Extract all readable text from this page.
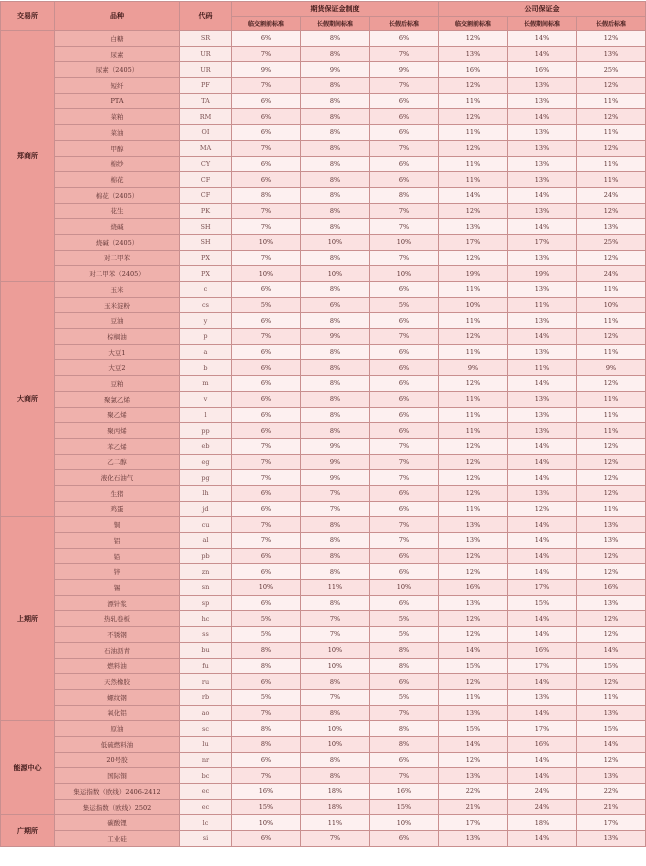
交易所	品种	代码	期货保证金制度			公司保证金		
			临交割前标准	长假期间标准	长假后标准	临交割前标准	长假期间标准	长假后标准
郑商所	白糖	SR	6%	8%	6%	12%	14%	12%
	尿素	UR	7%	8%	7%	13%	14%	13%
	尿素（2405）	UR	9%	9%	9%	16%	16%	25%
	短纤	PF	7%	8%	7%	12%	13%	12%
	PTA	TA	6%	8%	6%	11%	13%	11%
	菜粕	RM	6%	8%	6%	12%	14%	12%
	菜油	OI	6%	8%	6%	11%	13%	11%
	甲醇	MA	7%	8%	7%	12%	13%	12%
	棉纱	CY	6%	8%	6%	11%	13%	11%
	棉花	CF	6%	8%	6%	11%	13%	11%
	棉花（2405）	CF	8%	8%	8%	14%	14%	24%
	花生	PK	7%	8%	7%	12%	13%	12%
	烧碱	SH	7%	8%	7%	13%	14%	13%
	烧碱（2405）	SH	10%	10%	10%	17%	17%	25%
	对二甲苯	PX	7%	8%	7%	12%	13%	12%
	对二甲苯（2405）	PX	10%	10%	10%	19%	19%	24%
大商所	玉米	c	6%	8%	6%	11%	13%	11%
	玉米淀粉	cs	5%	6%	5%	10%	11%	10%
	豆油	y	6%	8%	6%	11%	13%	11%
	棕榈油	p	7%	9%	7%	12%	14%	12%
	大豆1	a	6%	8%	6%	11%	13%	11%
	大豆2	b	6%	8%	6%	9%	11%	9%
	豆粕	m	6%	8%	6%	12%	14%	12%
	聚氯乙烯	v	6%	8%	6%	11%	13%	11%
	聚乙烯	l	6%	8%	6%	11%	13%	11%
	聚丙烯	pp	6%	8%	6%	11%	13%	11%
	苯乙烯	eb	7%	9%	7%	12%	14%	12%
	乙二醇	eg	7%	9%	7%	12%	14%	12%
	液化石油气	pg	7%	9%	7%	12%	14%	12%
	生猪	lh	6%	7%	6%	12%	13%	12%
	鸡蛋	jd	6%	7%	6%	11%	12%	11%
上期所	铜	cu	7%	8%	7%	13%	14%	13%
	铝	al	7%	8%	7%	13%	14%	13%
	铅	pb	6%	8%	6%	12%	14%	12%
	锌	zn	6%	8%	6%	12%	14%	12%
	锡	sn	10%	11%	10%	16%	17%	16%
	漂针浆	sp	6%	8%	6%	13%	15%	13%
	热轧卷板	hc	5%	7%	5%	12%	14%	12%
	不锈钢	ss	5%	7%	5%	12%	14%	12%
	石油沥青	bu	8%	10%	8%	14%	16%	14%
	燃料油	fu	8%	10%	8%	15%	17%	15%
	天然橡胶	ru	6%	8%	6%	12%	14%	12%
	螺纹钢	rb	5%	7%	5%	11%	13%	11%
	氧化铝	ao	7%	8%	7%	13%	14%	13%
能源中心	原油	sc	8%	10%	8%	15%	17%	15%
	低硫燃料油	lu	8%	10%	8%	14%	16%	14%
	20号胶	nr	6%	8%	6%	12%	14%	12%
	国际铜	bc	7%	8%	7%	13%	14%	13%
	集运指数（欧线）2406-2412	ec	16%	18%	16%	22%	24%	22%
	集运指数（欧线）2502	ec	15%	18%	15%	21%	24%	21%
广期所	碳酸锂	lc	10%	11%	10%	17%	18%	17%
	工业硅	si	6%	7%	6%	13%	14%	13%
